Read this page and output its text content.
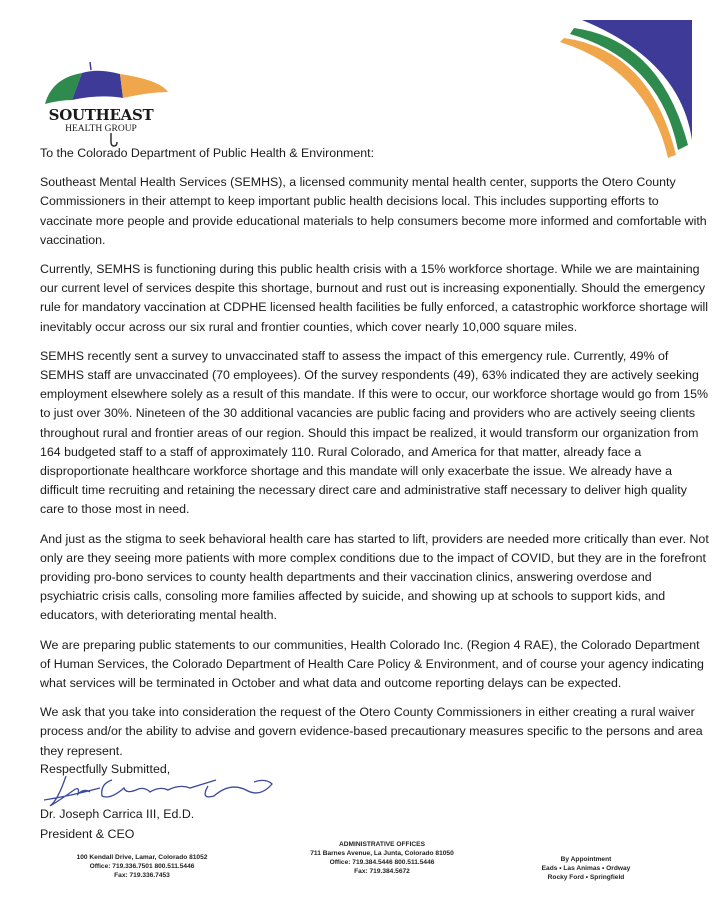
SOUTHEAST
HEALTH GROUP

To the Colorado Department of Public Health & Environment:

Southeast Mental Health Services (SEMHS), a licensed community mental health center, supports the Otero County Commissioners in their attempt to keep important public health decisions local. This includes supporting efforts to vaccinate more people and provide educational materials to help consumers become more informed and comfortable with vaccination.

Currently, SEMHS is functioning during this public health crisis with a 15% workforce shortage. While we are maintaining our current level of services despite this shortage, burnout and rust out is increasing exponentially. Should the emergency rule for mandatory vaccination at CDPHE licensed health facilities be fully enforced, a catastrophic workforce shortage will inevitably occur across our six rural and frontier counties, which cover nearly 10,000 square miles.

SEMHS recently sent a survey to unvaccinated staff to assess the impact of this emergency rule. Currently, 49% of SEMHS staff are unvaccinated (70 employees). Of the survey respondents (49), 63% indicated they are actively seeking employment elsewhere solely as a result of this mandate. If this were to occur, our workforce shortage would go from 15% to just over 30%. Nineteen of the 30 additional vacancies are public facing and providers who are actively seeing clients throughout rural and frontier areas of our region. Should this impact be realized, it would transform our organization from 164 budgeted staff to a staff of approximately 110. Rural Colorado, and America for that matter, already face a disproportionate healthcare workforce shortage and this mandate will only exacerbate the issue. We already have a difficult time recruiting and retaining the necessary direct care and administrative staff necessary to deliver high quality care to those most in need.

And just as the stigma to seek behavioral health care has started to lift, providers are needed more critically than ever. Not only are they seeing more patients with more complex conditions due to the impact of COVID, but they are in the forefront providing pro-bono services to county health departments and their vaccination clinics, answering overdose and psychiatric crisis calls, consoling more families affected by suicide, and showing up at schools to support kids, and educators, with deteriorating mental health.

We are preparing public statements to our communities, Health Colorado Inc. (Region 4 RAE), the Colorado Department of Human Services, the Colorado Department of Health Care Policy & Environment, and of course your agency indicating what services will be terminated in October and what data and outcome reporting delays can be expected.

We ask that you take into consideration the request of the Otero County Commissioners in either creating a rural waiver process and/or the ability to advise and govern evidence-based precautionary measures specific to the persons and area they represent.

Respectfully Submitted,
Dr. Joseph Carrica III, Ed.D.
President & CEO
100 Kendall Drive, Lamar, Colorado 81052
Office: 719.336.7501 800.511.5446
Fax: 719.336.7453
ADMINISTRATIVE OFFICES
711 Barnes Avenue, La Junta, Colorado 81050
Office: 719.384.5446 800.511.5446
Fax: 719.384.5672
By Appointment
Eads • Las Animas • Ordway
Rocky Ford • Springfield
